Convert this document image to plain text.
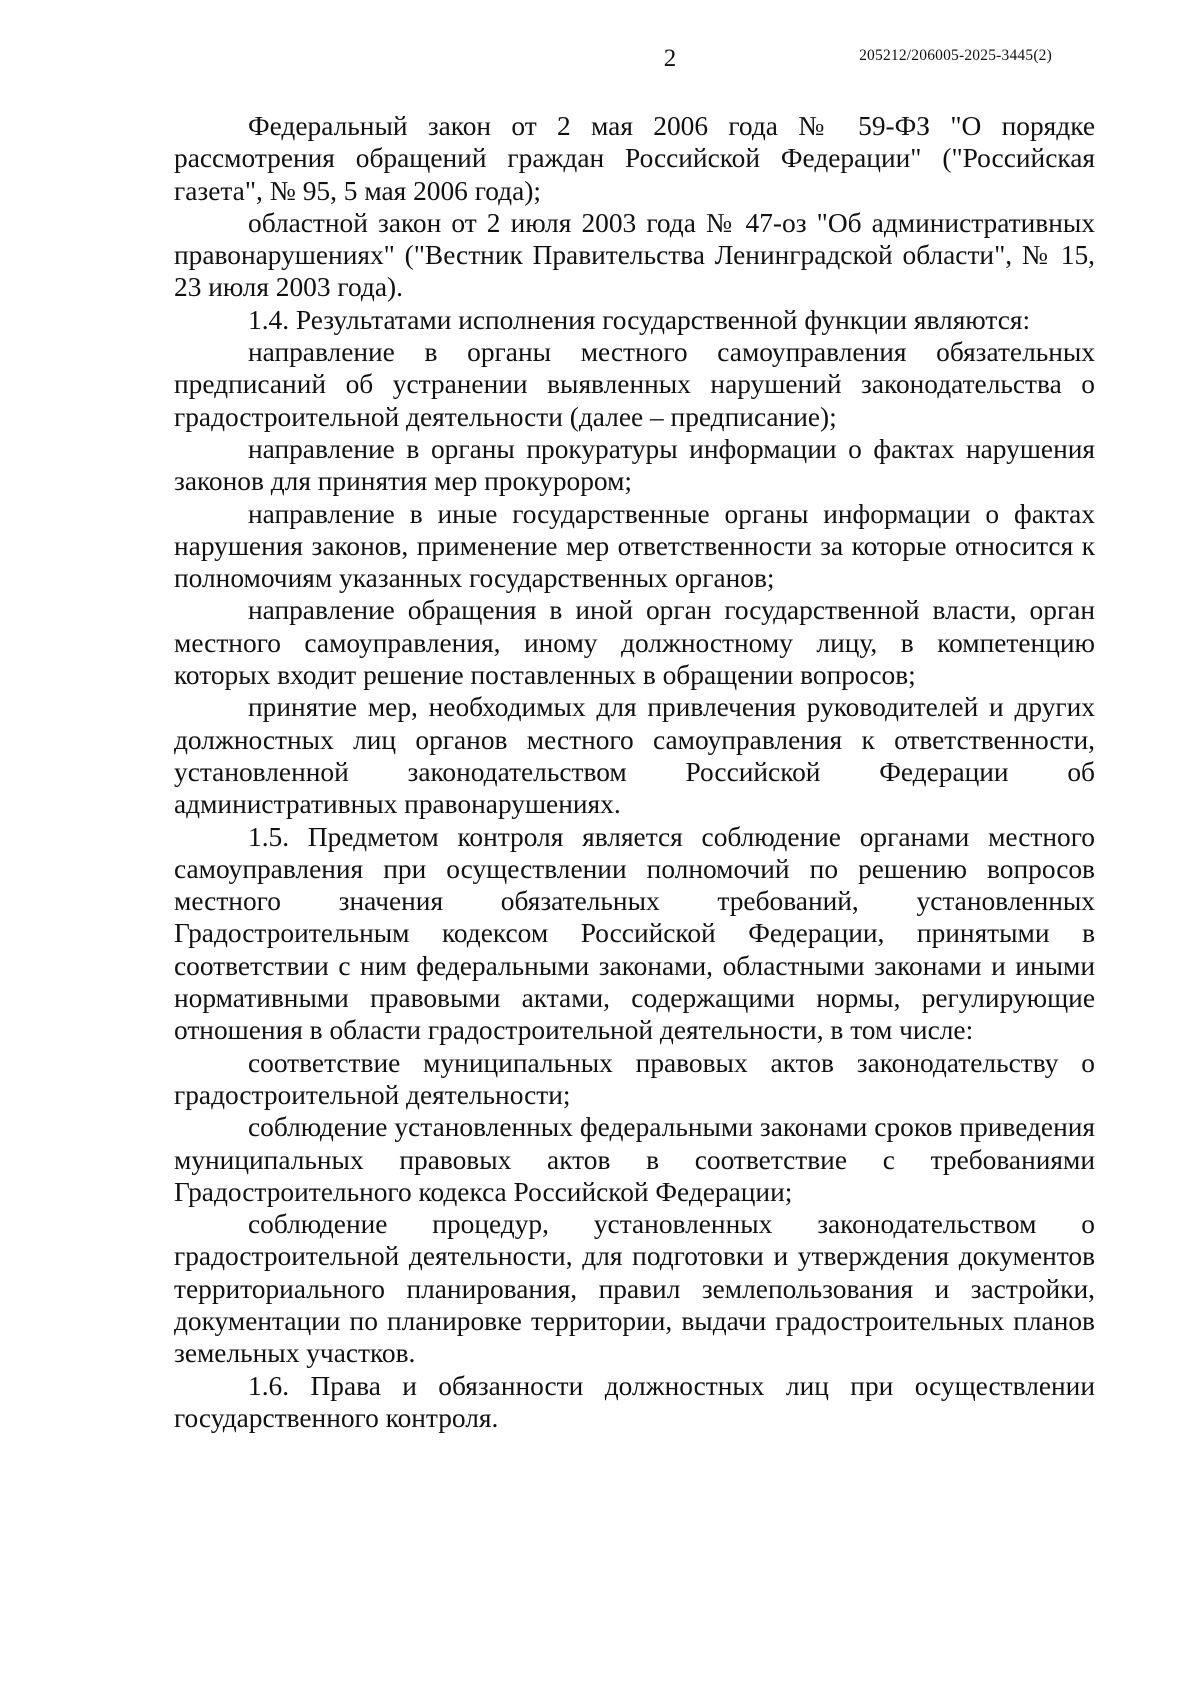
2	205212/206005-2025-3445(2)

Федеральный закон от 2 мая 2006 года № 59-ФЗ "О порядке рассмотрения обращений граждан Российской Федерации" ("Российская газета", № 95, 5 мая 2006 года);

областной закон от 2 июля 2003 года № 47-оз "Об административных правонарушениях" ("Вестник Правительства Ленинградской области", № 15, 23 июля 2003 года).

1.4. Результатами исполнения государственной функции являются:

направление в органы местного самоуправления обязательных предписаний об устранении выявленных нарушений законодательства о градостроительной деятельности (далее – предписание);

направление в органы прокуратуры информации о фактах нарушения законов для принятия мер прокурором;

направление в иные государственные органы информации о фактах нарушения законов, применение мер ответственности за которые относится к полномочиям указанных государственных органов;

направление обращения в иной орган государственной власти, орган местного самоуправления, иному должностному лицу, в компетенцию которых входит решение поставленных в обращении вопросов;

принятие мер, необходимых для привлечения руководителей и других должностных лиц органов местного самоуправления к ответственности, установленной законодательством Российской Федерации об административных правонарушениях.

1.5. Предметом контроля является соблюдение органами местного самоуправления при осуществлении полномочий по решению вопросов местного значения обязательных требований, установленных Градостроительным кодексом Российской Федерации, принятыми в соответствии с ним федеральными законами, областными законами и иными нормативными правовыми актами, содержащими нормы, регулирующие отношения в области градостроительной деятельности, в том числе:

соответствие муниципальных правовых актов законодательству о градостроительной деятельности;

соблюдение установленных федеральными законами сроков приведения муниципальных правовых актов в соответствие с требованиями Градостроительного кодекса Российской Федерации;

соблюдение процедур, установленных законодательством о градостроительной деятельности, для подготовки и утверждения документов территориального планирования, правил землепользования и застройки, документации по планировке территории, выдачи градостроительных планов земельных участков.

1.6. Права и обязанности должностных лиц при осуществлении государственного контроля.
